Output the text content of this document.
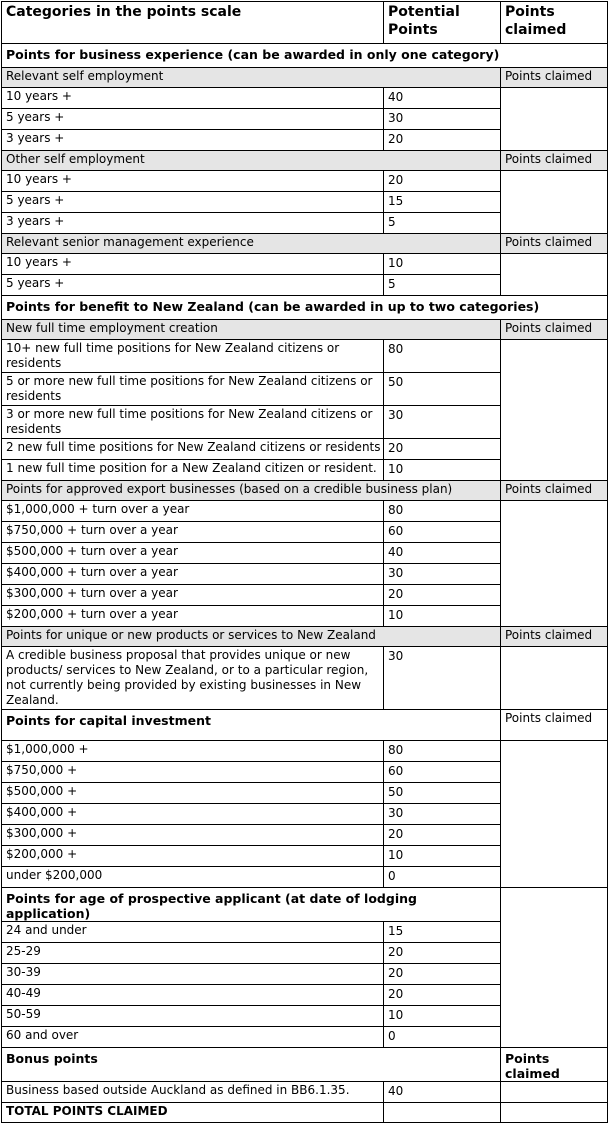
Categories in the points scale	Potential Points	Points claimed
Points for business experience (can be awarded in only one category)		
Relevant self employment		Points claimed
10 years +	40	
5 years +	30	
3 years +	20	
Other self employment		Points claimed
10 years +	20	
5 years +	15	
3 years +	5	
Relevant senior management experience		Points claimed
10 years +	10	
5 years +	5	
Points for benefit to New Zealand (can be awarded in up to two categories)		
New full time employment creation		Points claimed
10+ new full time positions for New Zealand citizens or residents	80	
5 or more new full time positions for New Zealand citizens or residents	50	
3 or more new full time positions for New Zealand citizens or residents	30	
2 new full time positions for New Zealand citizens or residents	20	
1 new full time position for a New Zealand citizen or resident.	10	
Points for approved export businesses (based on a credible business plan)		Points claimed
$1,000,000 + turn over a year	80	
$750,000 + turn over a year	60	
$500,000 + turn over a year	40	
$400,000 + turn over a year	30	
$300,000 + turn over a year	20	
$200,000 + turn over a year	10	
Points for unique or new products or services to New Zealand		Points claimed
A credible business proposal that provides unique or new products/ services to New Zealand, or to a particular region, not currently being provided by existing businesses in New Zealand.	30	
Points for capital investment		Points claimed
$1,000,000 +	80	
$750,000 +	60	
$500,000 +	50	
$400,000 +	30	
$300,000 +	20	
$200,000 +	10	
under $200,000	0	
Points for age of prospective applicant (at date of lodging application)		
24 and under	15	
25-29	20	
30-39	20	
40-49	20	
50-59	10	
60 and over	0	
Bonus points		Points claimed
Business based outside Auckland as defined in BB6.1.35.	40	
TOTAL POINTS CLAIMED		
